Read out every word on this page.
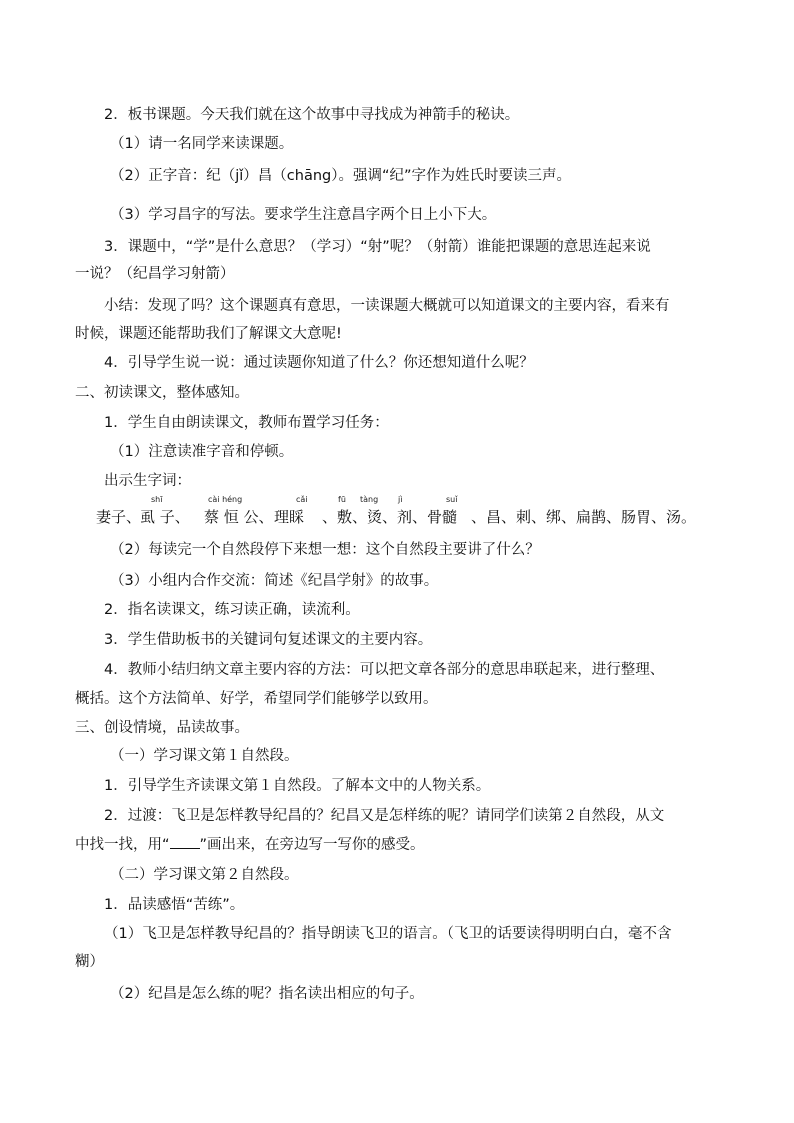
2．板书课题。今天我们就在这个故事中寻找成为神箭手的秘诀。
（1）请一名同学来读课题。
（2）正字音：纪（jǐ）昌（chāng）。强调“纪”字作为姓氏时要读三声。
（3）学习昌字的写法。要求学生注意昌字两个日上小下大。
3．课题中，“学”是什么意思？（学习）“射”呢？（射箭）谁能把课题的意思连起来说
一说？（纪昌学习射箭）
小结：发现了吗？这个课题真有意思，一读课题大概就可以知道课文的主要内容，看来有
时候，课题还能帮助我们了解课文大意呢!
4．引导学生说一说：通过读题你知道了什么？你还想知道什么呢？
二、初读课文，整体感知。
1．学生自由朗读课文，教师布置学习任务：
（1）注意读准字音和停顿。
出示生字词：
妻子、
虱 子、
shī
蔡 恒 公、
cài héng
理睬
cǎi
、敷
fū
、烫
tàng
、剂
jì
、骨髓
suǐ
、昌、刺、绑、扁鹊、肠胃、汤。
（2）每读完一个自然段停下来想一想：这个自然段主要讲了什么？
（3）小组内合作交流：简述《纪昌学射》的故事。
2．指名读课文，练习读正确，读流利。
3．学生借助板书的关键词句复述课文的主要内容。
4．教师小结归纳文章主要内容的方法：可以把文章各部分的意思串联起来，进行整理、
概括。这个方法简单、好学，希望同学们能够学以致用。
三、创设情境，品读故事。
（一）学习课文第１自然段。
1．引导学生齐读课文第１自然段。了解本文中的人物关系。
2．过渡：飞卫是怎样教导纪昌的？纪昌又是怎样练的呢？请同学们读第２自然段，从文
中找一找，用“ ”画出来，在旁边写一写你的感受。
（二）学习课文第２自然段。
1．品读感悟“苦练”。
（1）飞卫是怎样教导纪昌的？指导朗读飞卫的语言。（飞卫的话要读得明明白白，毫不含
糊）
（2）纪昌是怎么练的呢？指名读出相应的句子。
